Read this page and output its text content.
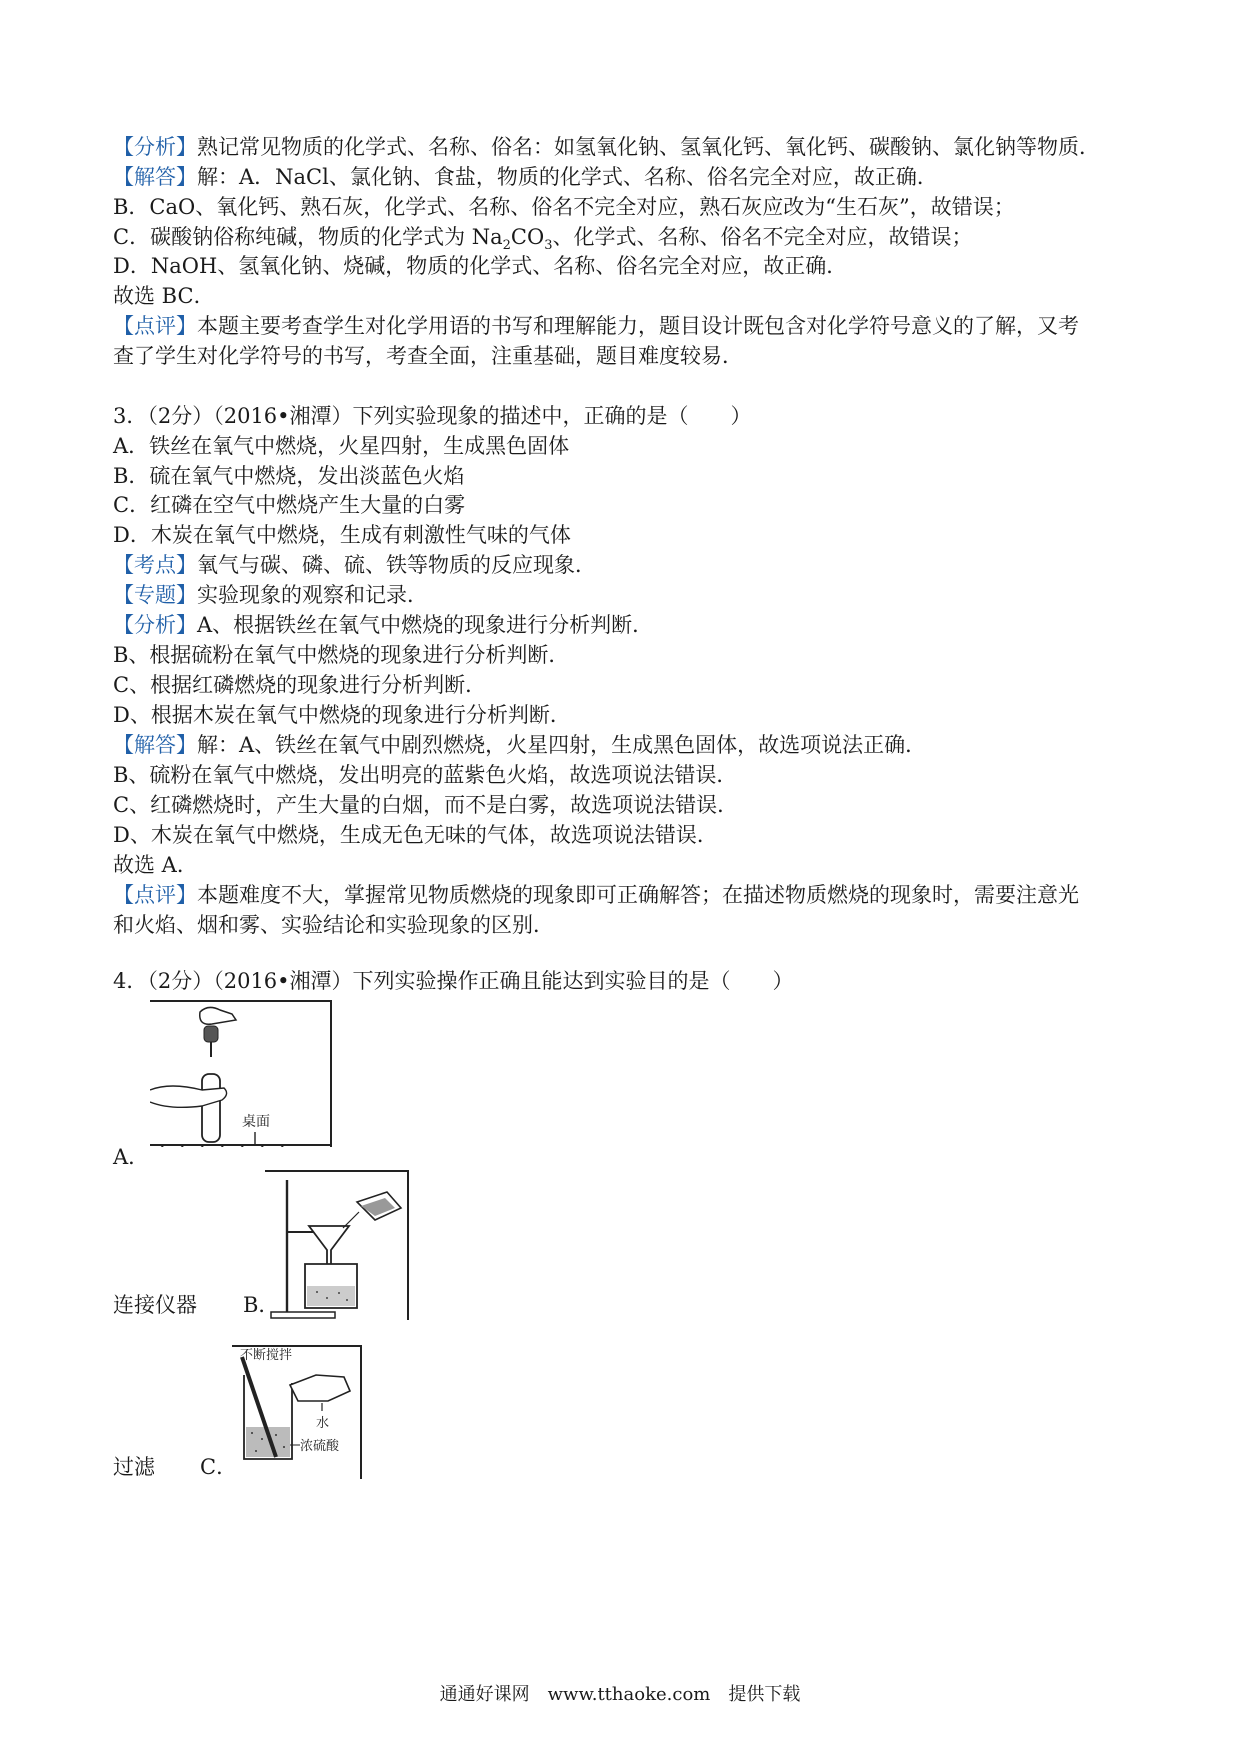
【分析】熟记常见物质的化学式、名称、俗名：如氢氧化钠、氢氧化钙、氧化钙、碳酸钠、氯化钠等物质．
【解答】解：A．NaCl、氯化钠、食盐，物质的化学式、名称、俗名完全对应，故正确．
B．CaO、氧化钙、熟石灰，化学式、名称、俗名不完全对应，熟石灰应改为“生石灰”，故错误；
C．碳酸钠俗称纯碱，物质的化学式为 $Na_2CO_3$、化学式、名称、俗名不完全对应，故错误；
D．NaOH、氢氧化钠、烧碱，物质的化学式、名称、俗名完全对应，故正确．
故选 BC．
【点评】本题主要考查学生对化学用语的书写和理解能力，题目设计既包含对化学符号意义的了解，又考
查了学生对化学符号的书写，考查全面，注重基础，题目难度较易．
3．（2分）（2016•湘潭）下列实验现象的描述中，正确的是（　　）
A．铁丝在氧气中燃烧，火星四射，生成黑色固体
B．硫在氧气中燃烧，发出淡蓝色火焰
C．红磷在空气中燃烧产生大量的白雾
D．木炭在氧气中燃烧，生成有刺激性气味的气体
【考点】氧气与碳、磷、硫、铁等物质的反应现象．
【专题】实验现象的观察和记录．
【分析】A、根据铁丝在氧气中燃烧的现象进行分析判断．
B、根据硫粉在氧气中燃烧的现象进行分析判断．
C、根据红磷燃烧的现象进行分析判断．
D、根据木炭在氧气中燃烧的现象进行分析判断．
【解答】解：A、铁丝在氧气中剧烈燃烧，火星四射，生成黑色固体，故选项说法正确．
B、硫粉在氧气中燃烧，发出明亮的蓝紫色火焰，故选项说法错误．
C、红磷燃烧时，产生大量的白烟，而不是白雾，故选项说法错误．
D、木炭在氧气中燃烧，生成无色无味的气体，故选项说法错误．
故选 A．
【点评】本题难度不大，掌握常见物质燃烧的现象即可正确解答；在描述物质燃烧的现象时，需要注意光
和火焰、烟和雾、实验结论和实验现象的区别．
4．（2分）（2016•湘潭）下列实验操作正确且能达到实验目的是（　　）
桌面
A．
连接仪器 B．
不断搅拌
水
浓硫酸
过滤 C．
通通好课网　www.tthaoke.com　提供下载
